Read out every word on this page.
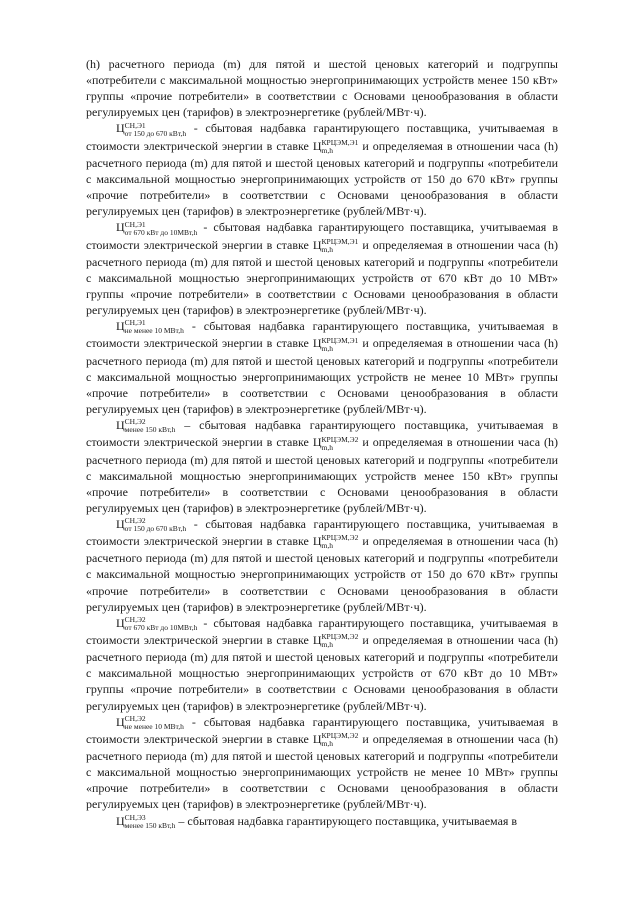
(h) расчетного периода (m) для пятой и шестой ценовых категорий и подгруппы «потребители с максимальной мощностью энергопринимающих устройств менее 150 кВт» группы «прочие потребители» в соответствии с Основами ценообразования в области регулируемых цен (тарифов) в электроэнергетике (рублей/МВт·ч).

Ц СН,Э1
от 150 до 670 кВт,h - сбытовая надбавка гарантирующего поставщика, учитываемая в стоимости электрической энергии в ставке Ц КРЦЭМ,Э1
m,h	и определяемая в отношении часа (h) расчетного периода (m) для пятой и шестой ценовых категорий и подгруппы «потребители с максимальной мощностью энергопринимающих устройств от 150 до 670 кВт» группы «прочие потребители» в соответствии с Основами ценообразования в области регулируемых цен (тарифов) в электроэнергетике (рублей/МВт·ч).

Ц СН,Э1
от 670 кВт до 10МВт,h - сбытовая надбавка гарантирующего поставщика, учитываемая в стоимости электрической энергии в ставке Ц КРЦЭМ,Э1
m,h	и определяемая в отношении часа (h) расчетного периода (m) для пятой и шестой ценовых категорий и подгруппы «потребители с максимальной мощностью энергопринимающих устройств от 670 кВт до 10 МВт» группы «прочие потребители» в соответствии с Основами ценообразования в области регулируемых цен (тарифов) в электроэнергетике (рублей/МВт·ч).

Ц СН,Э1
не менее 10 МВт,h - сбытовая надбавка гарантирующего поставщика, учитываемая в стоимости электрической энергии в ставке Ц КРЦЭМ,Э1
m,h	и определяемая в отношении часа (h) расчетного периода (m) для пятой и шестой ценовых категорий и подгруппы «потребители с максимальной мощностью энергопринимающих устройств не менее 10 МВт» группы «прочие потребители» в соответствии с Основами ценообразования в области регулируемых цен (тарифов) в электроэнергетике (рублей/МВт·ч).

Ц СН,Э2
менее 150 кВт,h – сбытовая надбавка гарантирующего поставщика, учитываемая в стоимости электрической энергии в ставке Ц КРЦЭМ,Э2
m,h	и определяемая в отношении часа (h) расчетного периода (m) для пятой и шестой ценовых категорий и подгруппы «потребители с максимальной мощностью энергопринимающих устройств менее 150 кВт» группы «прочие потребители» в соответствии с Основами ценообразования в области регулируемых цен (тарифов) в электроэнергетике (рублей/МВт·ч).

Ц СН,Э2
от 150 до 670 кВт,h - сбытовая надбавка гарантирующего поставщика, учитываемая в стоимости электрической энергии в ставке Ц КРЦЭМ,Э2
m,h	и определяемая в отношении часа (h) расчетного периода (m) для пятой и шестой ценовых категорий и подгруппы «потребители с максимальной мощностью энергопринимающих устройств от 150 до 670 кВт» группы «прочие потребители» в соответствии с Основами ценообразования в области регулируемых цен (тарифов) в электроэнергетике (рублей/МВт·ч).

Ц СН,Э2
от 670 кВт до 10МВт,h - сбытовая надбавка гарантирующего поставщика, учитываемая в стоимости электрической энергии в ставке Ц КРЦЭМ,Э2
m,h	и определяемая в отношении часа (h) расчетного периода (m) для пятой и шестой ценовых категорий и подгруппы «потребители с максимальной мощностью энергопринимающих устройств от 670 кВт до 10 МВт» группы «прочие потребители» в соответствии с Основами ценообразования в области регулируемых цен (тарифов) в электроэнергетике (рублей/МВт·ч).

Ц СН,Э2
не менее 10 МВт,h - сбытовая надбавка гарантирующего поставщика, учитываемая в стоимости электрической энергии в ставке Ц КРЦЭМ,Э2
m,h	и определяемая в отношении часа (h) расчетного периода (m) для пятой и шестой ценовых категорий и подгруппы «потребители с максимальной мощностью энергопринимающих устройств не менее 10 МВт» группы «прочие потребители» в соответствии с Основами ценообразования в области регулируемых цен (тарифов) в электроэнергетике (рублей/МВт·ч).

Ц СН,Э3
менее 150 кВт,h – сбытовая надбавка гарантирующего поставщика, учитываемая в
